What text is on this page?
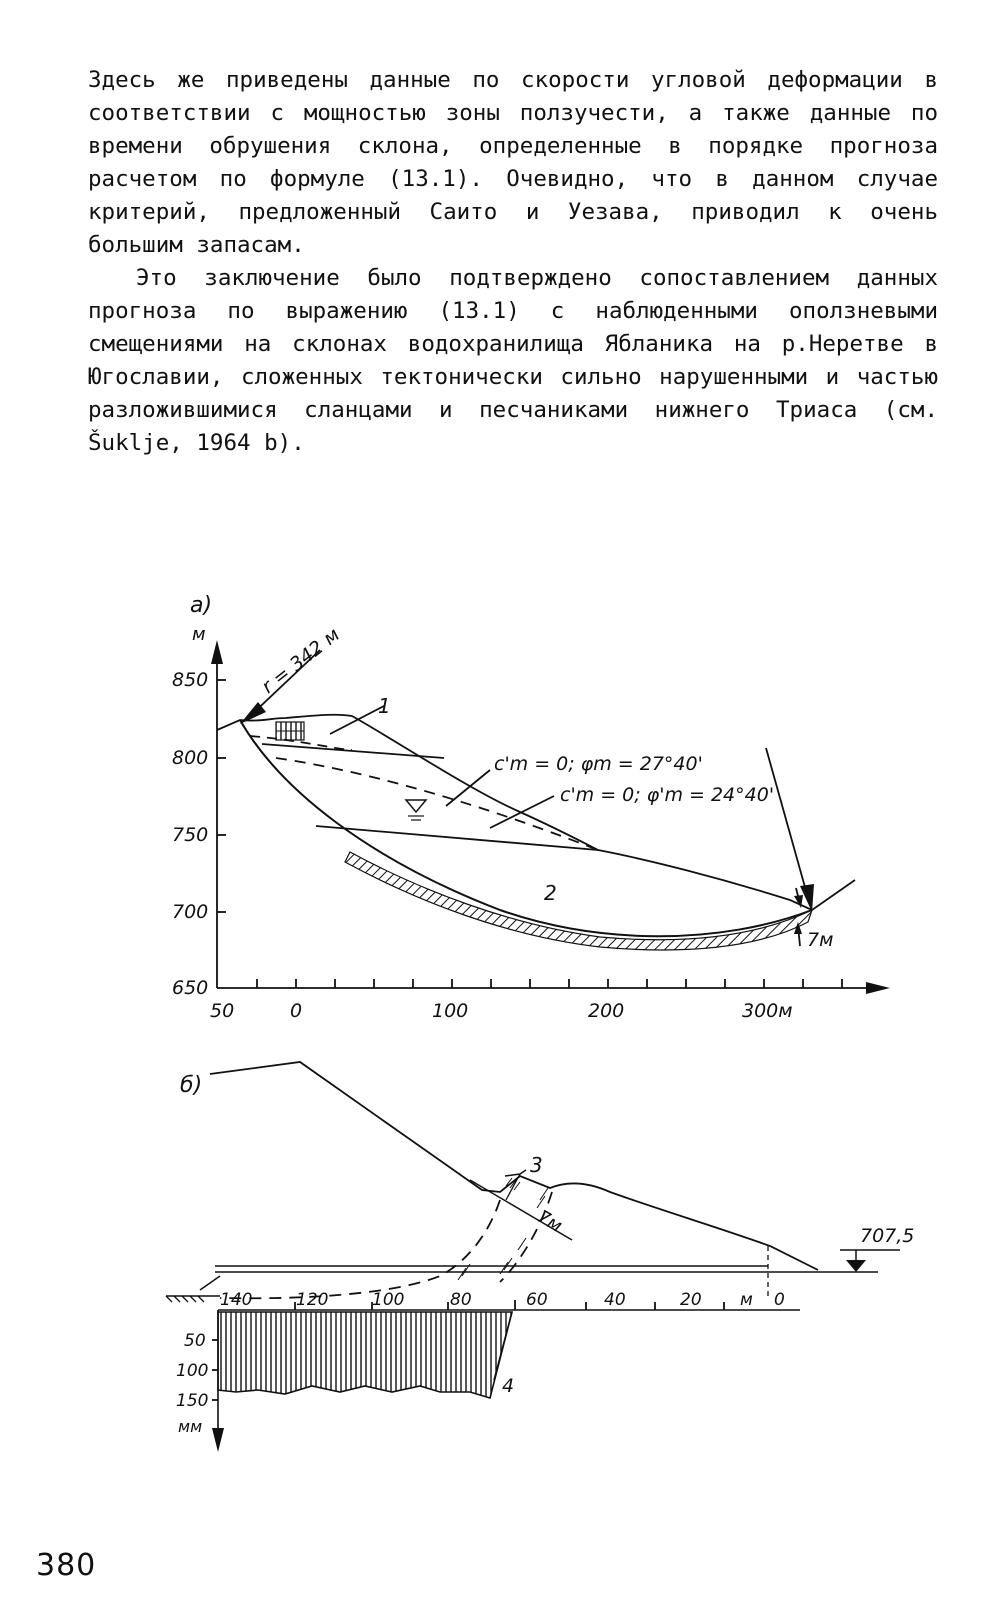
Здесь же приведены данные по скорости угловой деформации в соответствии с мощностью зоны ползучести, а также данные по времени обрушения склона, определенные в порядке прогноза расчетом по формуле (13.1). Очевидно, что в данном случае критерий, предложенный Саито и Уезава, приводил к очень большим запасам.

Это заключение было подтверждено сопоставлением данных прогноза по выражению (13.1) с наблюденными оползневыми смещениями на склонах водохранилища Ябланика на р.Неретве в Югославии, сложенных тектонически сильно нарушенными и частью разложившимися сланцами и песчаниками нижнего Триаса (см. Šuklje, 1964 b).

a)
м
850
800
750
700
650
50	0	100	200	300м
r = 342 м
1
2
c'm = 0; φm = 27°40'
c'm = 0; φ'm = 24°40'
7м
б)
707,5
3
7м
140	120	100	80	60	40	20 м 0
4
50
100
150
мм
380
